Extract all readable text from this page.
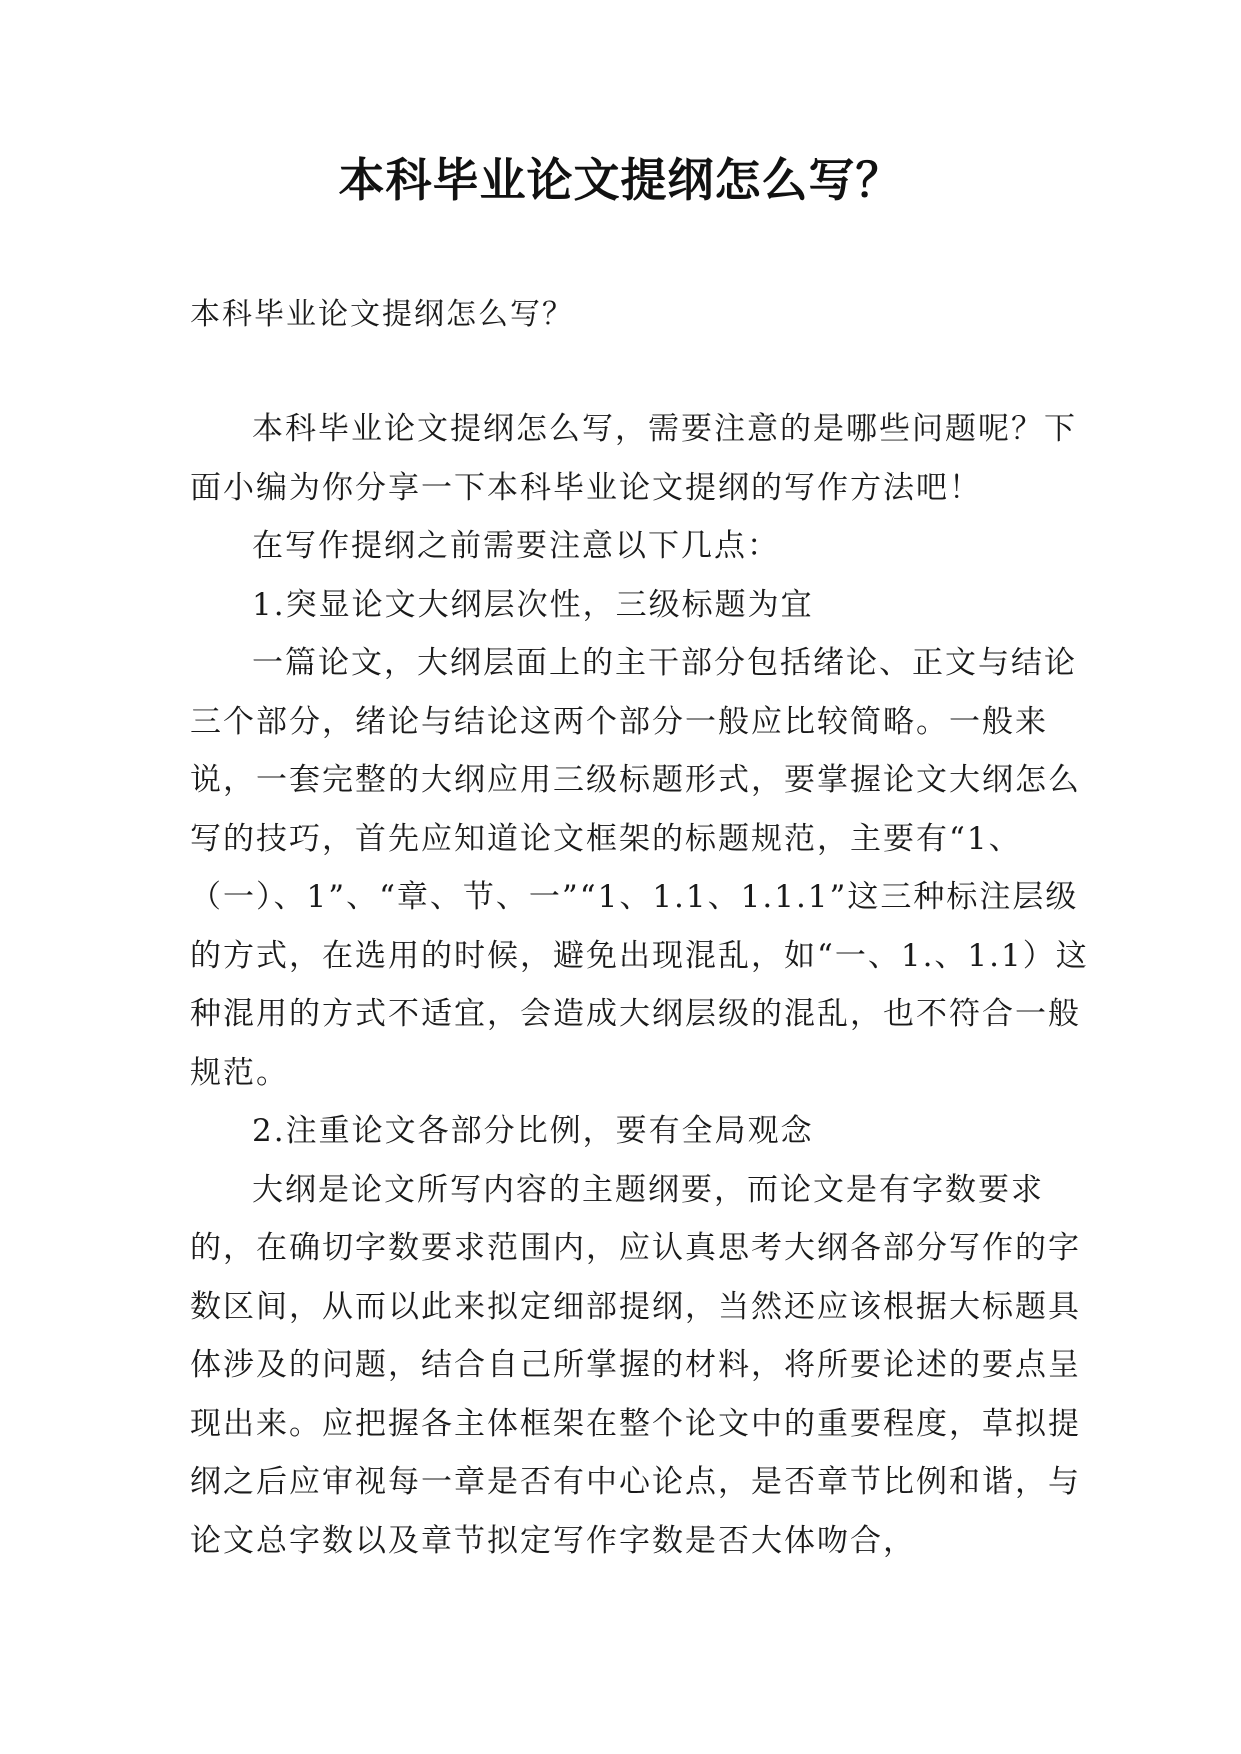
本科毕业论文提纲怎么写？
本科毕业论文提纲怎么写？

本科毕业论文提纲怎么写，需要注意的是哪些问题呢？下面小编为你分享一下本科毕业论文提纲的写作方法吧！

在写作提纲之前需要注意以下几点：

1.突显论文大纲层次性，三级标题为宜

一篇论文，大纲层面上的主干部分包括绪论、正文与结论三个部分，绪论与结论这两个部分一般应比较简略。一般来说，一套完整的大纲应用三级标题形式，要掌握论文大纲怎么写的技巧，首先应知道论文框架的标题规范，主要有“1、（一）、1”、“章、节、一”“1、1.1、1.1.1”这三种标注层级的方式，在选用的时候，避免出现混乱，如“一、1.、1.1）这种混用的方式不适宜，会造成大纲层级的混乱，也不符合一般规范。

2.注重论文各部分比例，要有全局观念

大纲是论文所写内容的主题纲要，而论文是有字数要求的，在确切字数要求范围内，应认真思考大纲各部分写作的字数区间，从而以此来拟定细部提纲，当然还应该根据大标题具体涉及的问题，结合自己所掌握的材料，将所要论述的要点呈现出来。应把握各主体框架在整个论文中的重要程度，草拟提纲之后应审视每一章是否有中心论点，是否章节比例和谐，与论文总字数以及章节拟定写作字数是否大体吻合，
